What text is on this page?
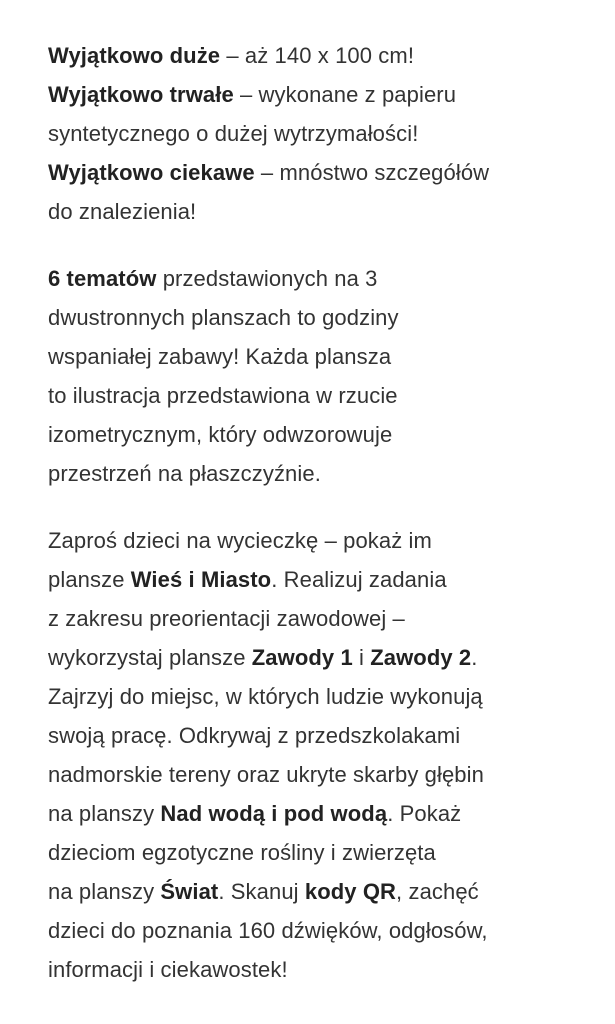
Wyjątkowo duże – aż 140 x 100 cm!
Wyjątkowo trwałe – wykonane z papieru
syntetycznego o dużej wytrzymałości!
Wyjątkowo ciekawe – mnóstwo szczegółów
do znalezienia!
6 tematów przedstawionych na 3
dwustronnych planszach to godziny
wspaniałej zabawy! Każda plansza
to ilustracja przedstawiona w rzucie
izometrycznym, który odwzorowuje
przestrzeń na płaszczyźnie.
Zaproś dzieci na wycieczkę – pokaż im
plansze Wieś i Miasto. Realizuj zadania
z zakresu preorientacji zawodowej –
wykorzystaj plansze Zawody 1 i Zawody 2.
Zajrzyj do miejsc, w których ludzie wykonują
swoją pracę. Odkrywaj z przedszkolakami
nadmorskie tereny oraz ukryte skarby głębin
na planszy Nad wodą i pod wodą. Pokaż
dzieciom egzotyczne rośliny i zwierzęta
na planszy Świat. Skanuj kody QR, zachęć
dzieci do poznania 160 dźwięków, odgłosów,
informacji i ciekawostek!
